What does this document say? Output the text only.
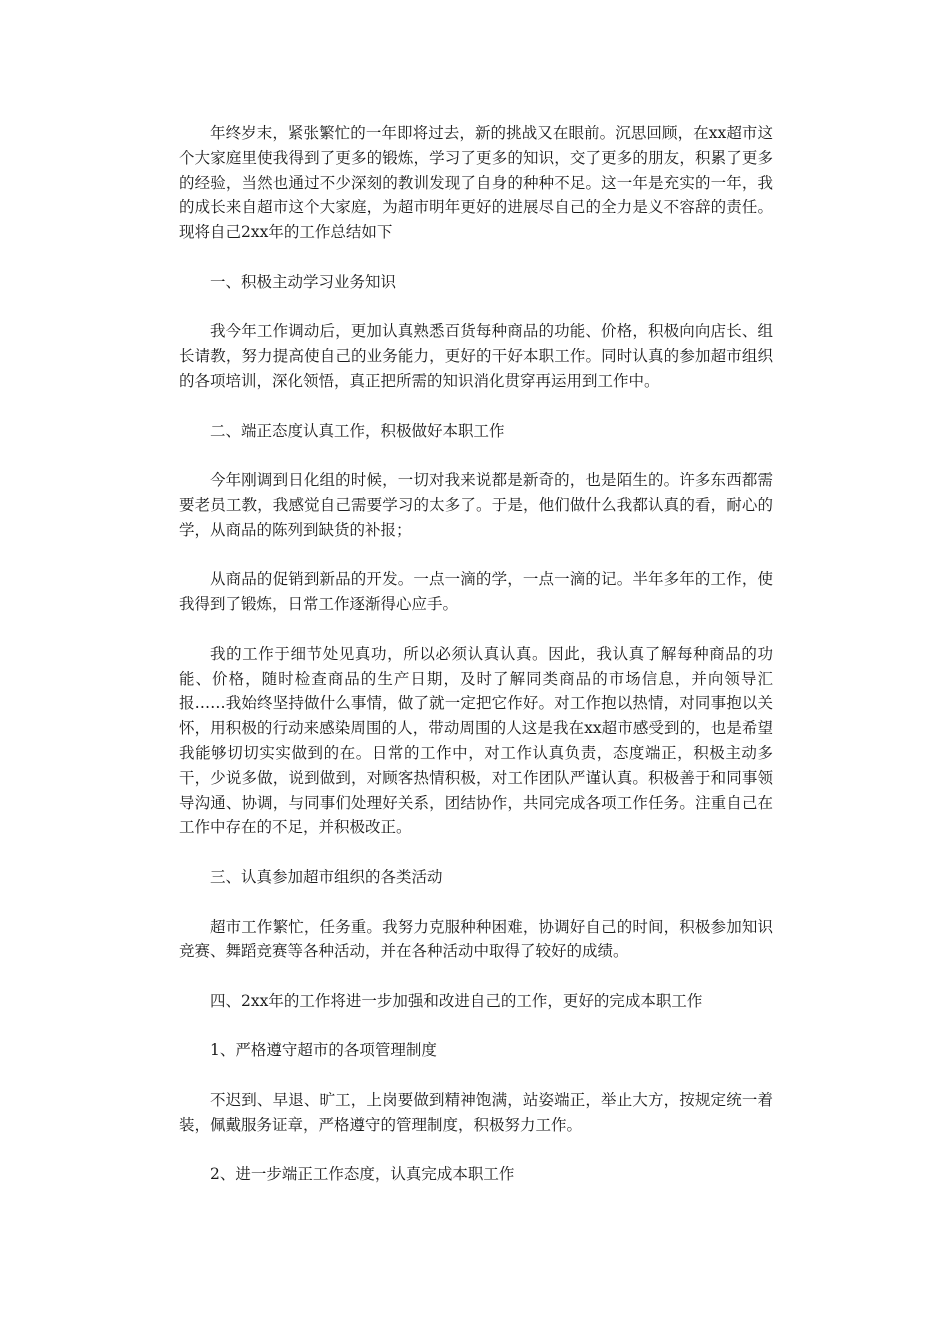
年终岁末，紧张繁忙的一年即将过去，新的挑战又在眼前。沉思回顾，在xx超市这个大家庭里使我得到了更多的锻炼，学习了更多的知识，交了更多的朋友，积累了更多的经验，当然也通过不少深刻的教训发现了自身的种种不足。这一年是充实的一年，我的成长来自超市这个大家庭，为超市明年更好的进展尽自己的全力是义不容辞的责任。现将自己2xx年的工作总结如下

一、积极主动学习业务知识

我今年工作调动后，更加认真熟悉百货每种商品的功能、价格，积极向向店长、组长请教，努力提高使自己的业务能力，更好的干好本职工作。同时认真的参加超市组织的各项培训，深化领悟，真正把所需的知识消化贯穿再运用到工作中。

二、端正态度认真工作，积极做好本职工作

今年刚调到日化组的时候，一切对我来说都是新奇的，也是陌生的。许多东西都需要老员工教，我感觉自己需要学习的太多了。于是，他们做什么我都认真的看，耐心的学，从商品的陈列到缺货的补报；

从商品的促销到新品的开发。一点一滴的学，一点一滴的记。半年多年的工作，使我得到了锻炼，日常工作逐渐得心应手。

我的工作于细节处见真功，所以必须认真认真。因此，我认真了解每种商品的功能、价格，随时检查商品的生产日期，及时了解同类商品的市场信息，并向领导汇报……我始终坚持做什么事情，做了就一定把它作好。对工作抱以热情，对同事抱以关怀，用积极的行动来感染周围的人，带动周围的人这是我在xx超市感受到的，也是希望我能够切切实实做到的在。日常的工作中，对工作认真负责，态度端正，积极主动多干，少说多做，说到做到，对顾客热情积极，对工作团队严谨认真。积极善于和同事领导沟通、协调，与同事们处理好关系，团结协作，共同完成各项工作任务。注重自己在工作中存在的不足，并积极改正。

三、认真参加超市组织的各类活动

超市工作繁忙，任务重。我努力克服种种困难，协调好自己的时间，积极参加知识竞赛、舞蹈竞赛等各种活动，并在各种活动中取得了较好的成绩。

四、2xx年的工作将进一步加强和改进自己的工作，更好的完成本职工作

1、严格遵守超市的各项管理制度

不迟到、早退、旷工，上岗要做到精神饱满，站姿端正，举止大方，按规定统一着装，佩戴服务证章，严格遵守的管理制度，积极努力工作。

2、进一步端正工作态度，认真完成本职工作
